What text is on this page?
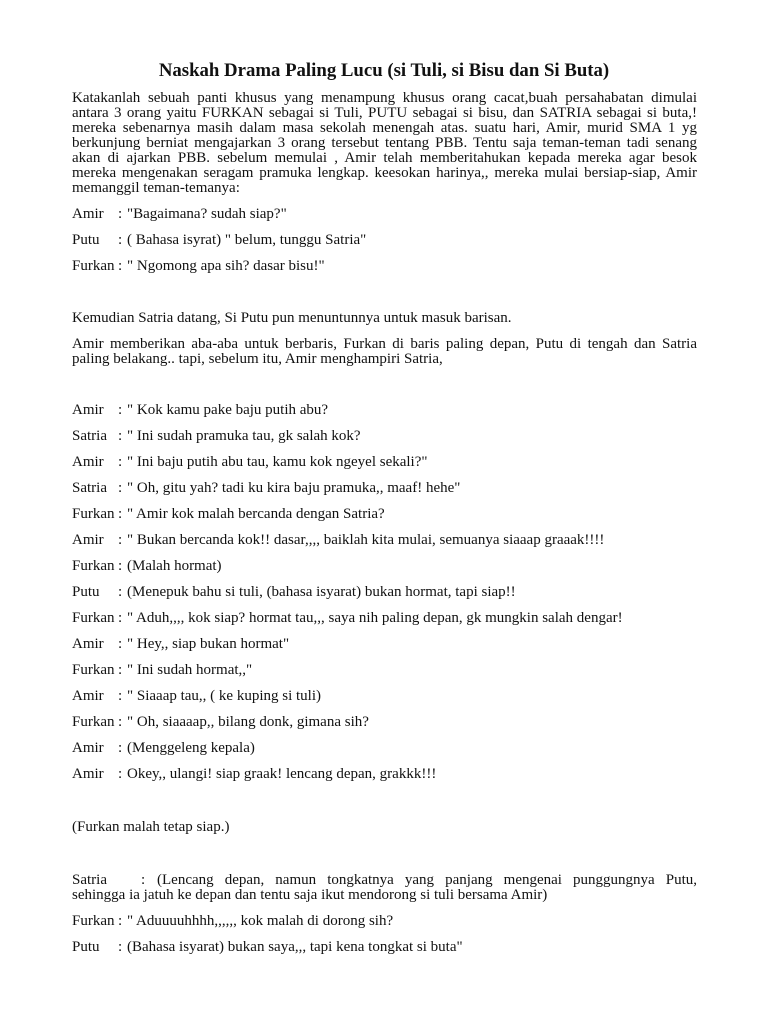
Naskah Drama Paling Lucu (si Tuli, si Bisu dan Si Buta)
Katakanlah sebuah panti khusus yang menampung khusus orang cacat,buah persahabatan dimulai
antara 3 orang yaitu FURKAN sebagai si Tuli, PUTU sebagai si bisu, dan SATRIA sebagai si buta,!
mereka sebenarnya masih dalam masa sekolah menengah atas. suatu hari, Amir, murid SMA 1 yg
berkunjung berniat mengajarkan 3 orang tersebut tentang PBB. Tentu saja teman-teman tadi senang
akan di ajarkan PBB. sebelum memulai , Amir telah memberitahukan kepada mereka agar besok
mereka mengenakan seragam pramuka lengkap. keesokan harinya,, mereka mulai bersiap-siap, Amir
memanggil teman-temanya:
Amir : "Bagaimana? sudah siap?"
Putu	: ( Bahasa isyrat) " belum, tunggu Satria"
Furkan : " Ngomong apa sih? dasar bisu!"
Kemudian Satria datang, Si Putu pun menuntunnya untuk masuk barisan.
Amir memberikan aba-aba untuk berbaris, Furkan di baris paling depan, Putu di tengah dan Satria
paling belakang.. tapi, sebelum itu, Amir menghampiri Satria,
Amir : " Kok kamu pake baju putih abu?
Satria : " Ini sudah pramuka tau, gk salah kok?
Amir : " Ini baju putih abu tau, kamu kok ngeyel sekali?"
Satria : " Oh, gitu yah? tadi ku kira baju pramuka,, maaf! hehe"
Furkan : " Amir kok malah bercanda dengan Satria?
Amir : " Bukan bercanda kok!! dasar,,,, baiklah kita mulai, semuanya siaaap graaak!!!!
Furkan : (Malah hormat)
Putu	: (Menepuk bahu si tuli, (bahasa isyarat) bukan hormat, tapi siap!!
Furkan : " Aduh,,,, kok siap? hormat tau,,, saya nih paling depan, gk mungkin salah dengar!
Amir : " Hey,, siap bukan hormat"
Furkan : " Ini sudah hormat,,"
Amir : " Siaaap tau,, ( ke kuping si tuli)
Furkan : " Oh, siaaaap,, bilang donk, gimana sih?
Amir : (Menggeleng kepala)
Amir : Okey,, ulangi! siap graak! lencang depan, grakkk!!!
(Furkan malah tetap siap.)
Satria : (Lencang depan, namun tongkatnya yang panjang mengenai punggungnya Putu,
sehingga ia jatuh ke depan dan tentu saja ikut mendorong si tuli bersama Amir)
Furkan : " Aduuuuhhhh,,,,,, kok malah di dorong sih?
Putu	: (Bahasa isyarat) bukan saya,,, tapi kena tongkat si buta"
